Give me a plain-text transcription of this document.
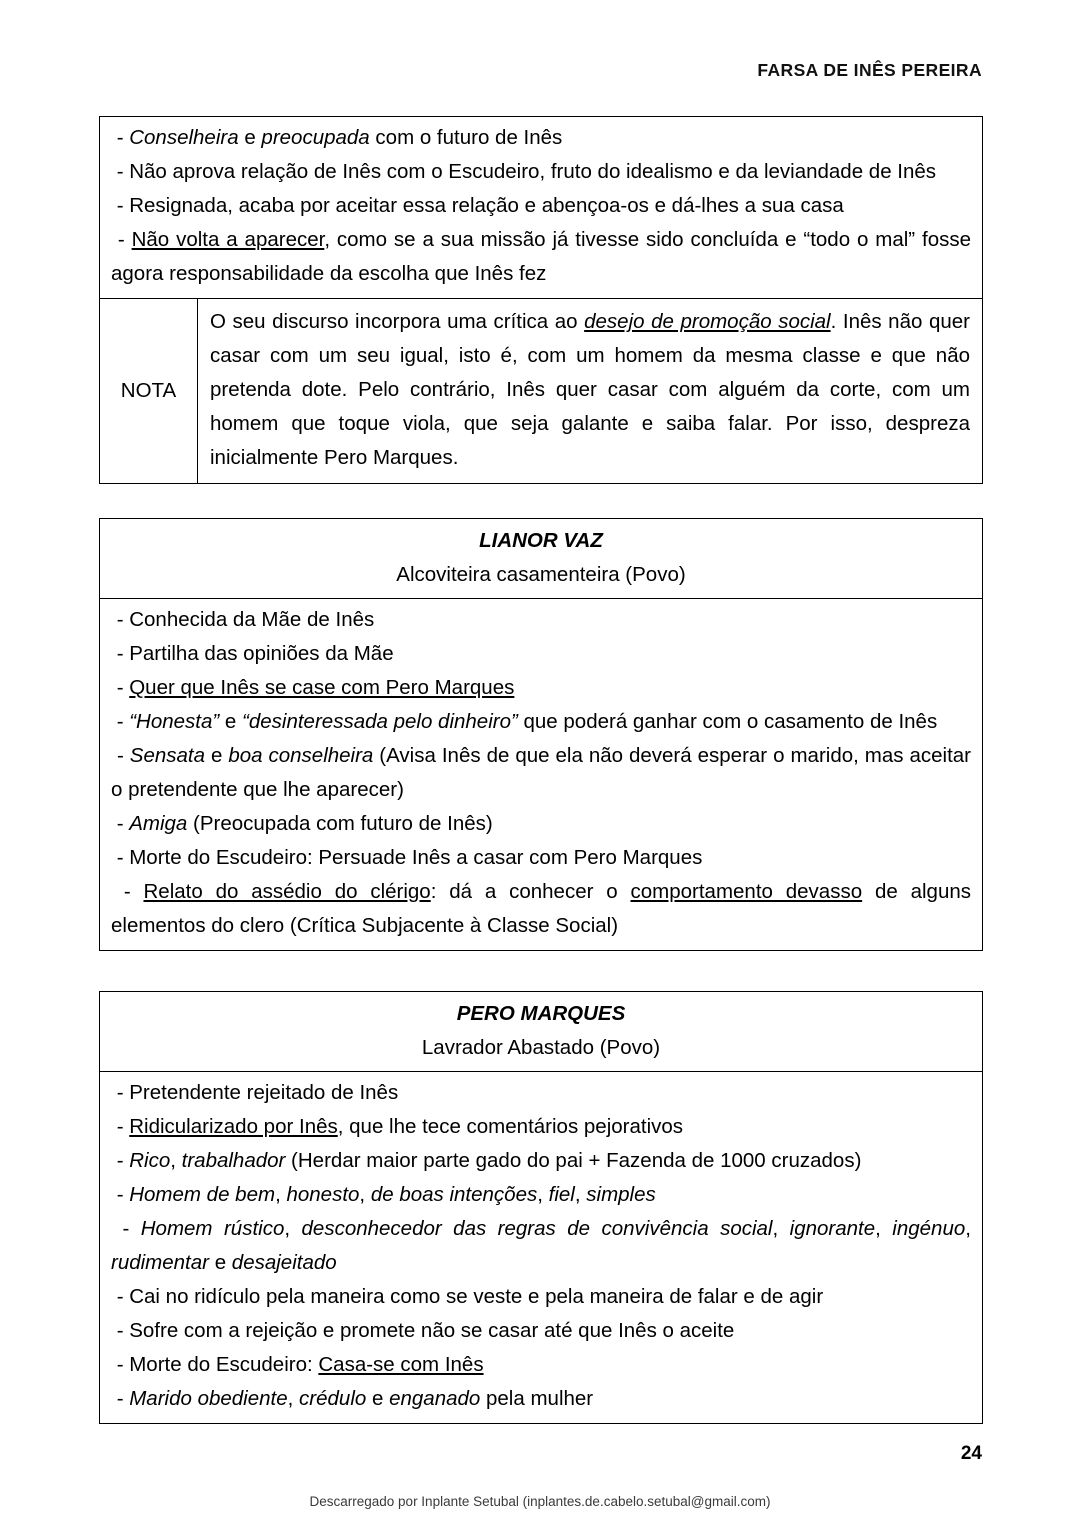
FARSA DE INÊS PEREIRA

- Conselheira e preocupada com o futuro de Inês

- Não aprova relação de Inês com o Escudeiro, fruto do idealismo e da leviandade de Inês

- Resignada, acaba por aceitar essa relação e abençoa-os e dá-lhes a sua casa

- Não volta a aparecer, como se a sua missão já tivesse sido concluída e “todo o mal” fosse agora responsabilidade da escolha que Inês fez

NOTA

O seu discurso incorpora uma crítica ao desejo de promoção social. Inês não quer casar com um seu igual, isto é, com um homem da mesma classe e que não pretenda dote. Pelo contrário, Inês quer casar com alguém da corte, com um homem que toque viola, que seja galante e saiba falar. Por isso, despreza inicialmente Pero Marques.

LIANOR VAZ

Alcoviteira casamenteira (Povo)

- Conhecida da Mãe de Inês

- Partilha das opiniões da Mãe

- Quer que Inês se case com Pero Marques

- “Honesta” e “desinteressada pelo dinheiro” que poderá ganhar com o casamento de Inês

- Sensata e boa conselheira (Avisa Inês de que ela não deverá esperar o marido, mas aceitar o pretendente que lhe aparecer)

- Amiga (Preocupada com futuro de Inês)

- Morte do Escudeiro: Persuade Inês a casar com Pero Marques

- Relato do assédio do clérigo: dá a conhecer o comportamento devasso de alguns elementos do clero (Crítica Subjacente à Classe Social)

PERO MARQUES

Lavrador Abastado (Povo)

- Pretendente rejeitado de Inês

- Ridicularizado por Inês, que lhe tece comentários pejorativos

- Rico, trabalhador (Herdar maior parte gado do pai + Fazenda de 1000 cruzados)

- Homem de bem, honesto, de boas intenções, fiel, simples

- Homem rústico, desconhecedor das regras de convivência social, ignorante, ingénuo, rudimentar e desajeitado

- Cai no ridículo pela maneira como se veste e pela maneira de falar e de agir

- Sofre com a rejeição e promete não se casar até que Inês o aceite

- Morte do Escudeiro: Casa-se com Inês

- Marido obediente, crédulo e enganado pela mulher

24
Descarregado por Inplante Setubal (inplantes.de.cabelo.setubal@gmail.com)
